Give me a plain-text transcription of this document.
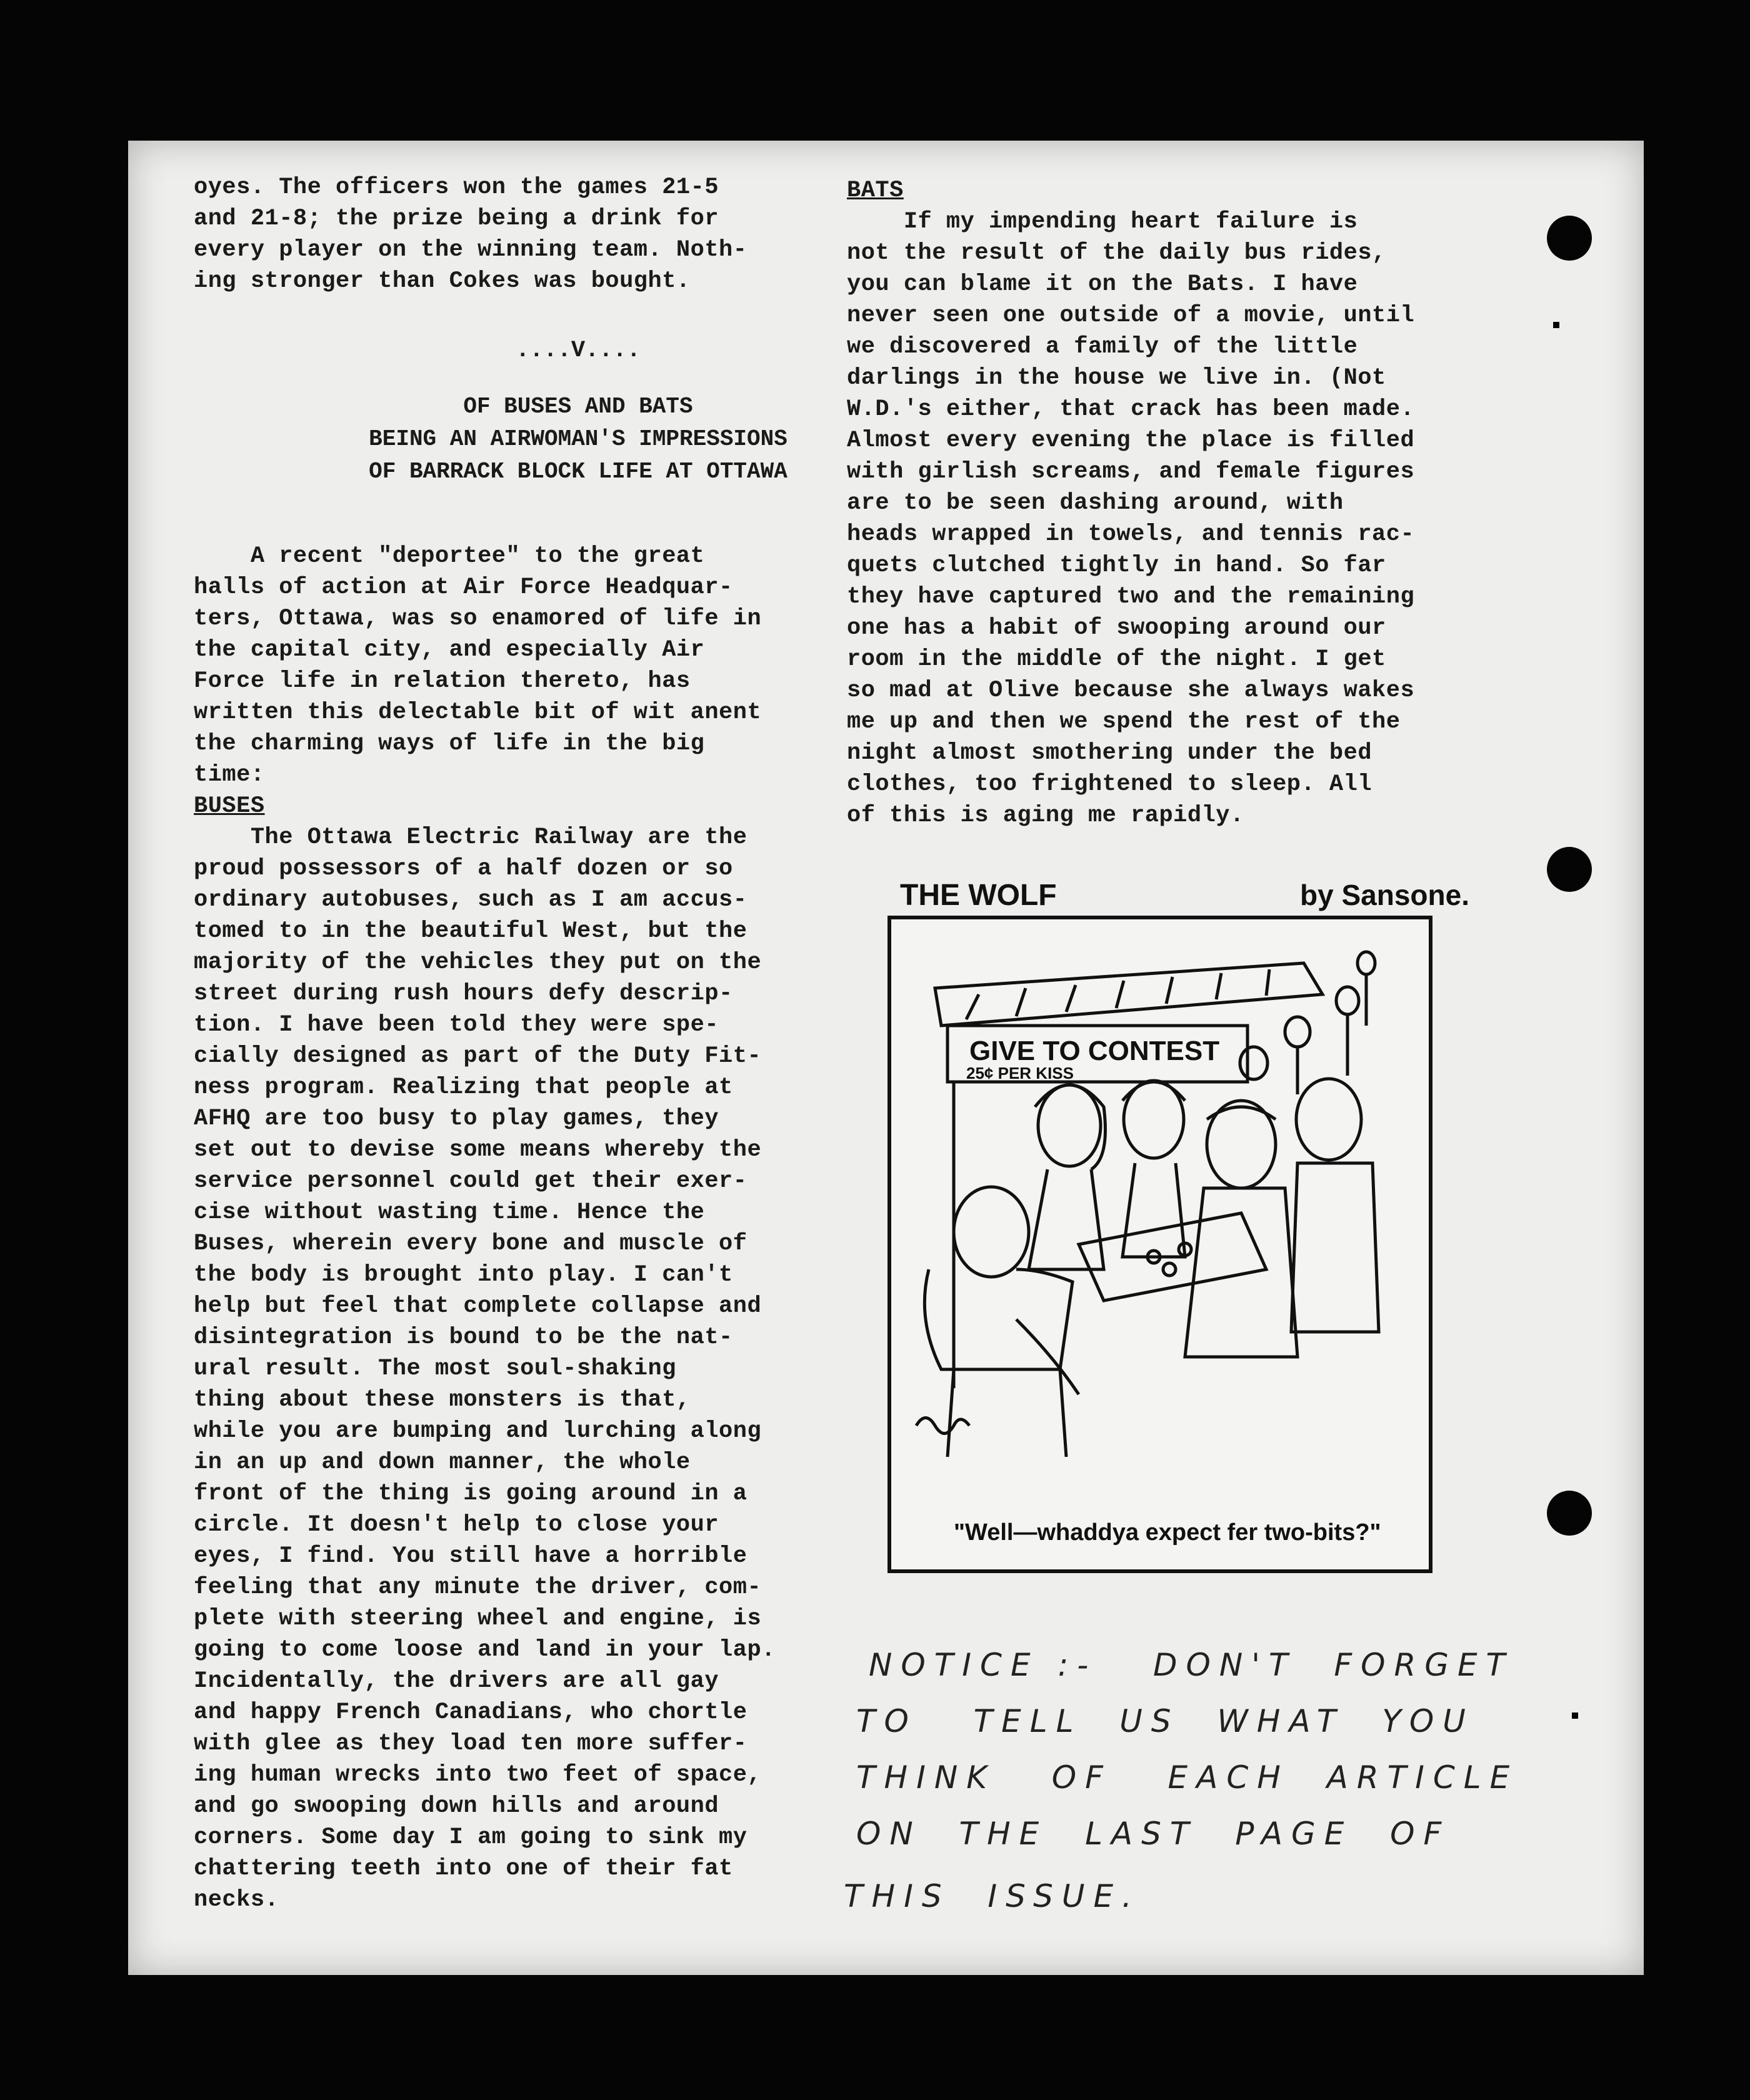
oyes. The officers won the games 21-5
and 21-8; the prize being a drink for
every player on the winning team. Noth-
ing stronger than Cokes was bought.
....V....
OF BUSES AND BATS
BEING AN AIRWOMAN'S IMPRESSIONS
OF BARRACK BLOCK LIFE AT OTTAWA
A recent "deportee" to the great
halls of action at Air Force Headquar-
ters, Ottawa, was so enamored of life in
the capital city, and especially Air
Force life in relation thereto, has
written this delectable bit of wit anent
the charming ways of life in the big
time:
BUSES
The Ottawa Electric Railway are the
proud possessors of a half dozen or so
ordinary autobuses, such as I am accus-
tomed to in the beautiful West, but the
majority of the vehicles they put on the
street during rush hours defy descrip-
tion. I have been told they were spe-
cially designed as part of the Duty Fit-
ness program. Realizing that people at
AFHQ are too busy to play games, they
set out to devise some means whereby the
service personnel could get their exer-
cise without wasting time. Hence the
Buses, wherein every bone and muscle of
the body is brought into play. I can't
help but feel that complete collapse and
disintegration is bound to be the nat-
ural result. The most soul-shaking
thing about these monsters is that,
while you are bumping and lurching along
in an up and down manner, the whole
front of the thing is going around in a
circle. It doesn't help to close your
eyes, I find. You still have a horrible
feeling that any minute the driver, com-
plete with steering wheel and engine, is
going to come loose and land in your lap.
Incidentally, the drivers are all gay
and happy French Canadians, who chortle
with glee as they load ten more suffer-
ing human wrecks into two feet of space,
and go swooping down hills and around
corners. Some day I am going to sink my
chattering teeth into one of their fat
necks.
BATS
If my impending heart failure is
not the result of the daily bus rides,
you can blame it on the Bats. I have
never seen one outside of a movie, until
we discovered a family of the little
darlings in the house we live in. (Not
W.D.'s either, that crack has been made.
Almost every evening the place is filled
with girlish screams, and female figures
are to be seen dashing around, with
heads wrapped in towels, and tennis rac-
quets clutched tightly in hand. So far
they have captured two and the remaining
one has a habit of swooping around our
room in the middle of the night. I get
so mad at Olive because she always wakes
me up and then we spend the rest of the
night almost smothering under the bed
clothes, too frightened to sleep. All
of this is aging me rapidly.
THE WOLF	by Sansone.
GIVE TO CONTEST
25¢ PER KISS
"Well—whaddya expect fer two-bits?"
NOTICE :-   DON'T  FORGET
TO   TELL  US  WHAT  YOU
THINK   OF   EACH  ARTICLE
ON  THE  LAST  PAGE  OF
THIS  ISSUE.
